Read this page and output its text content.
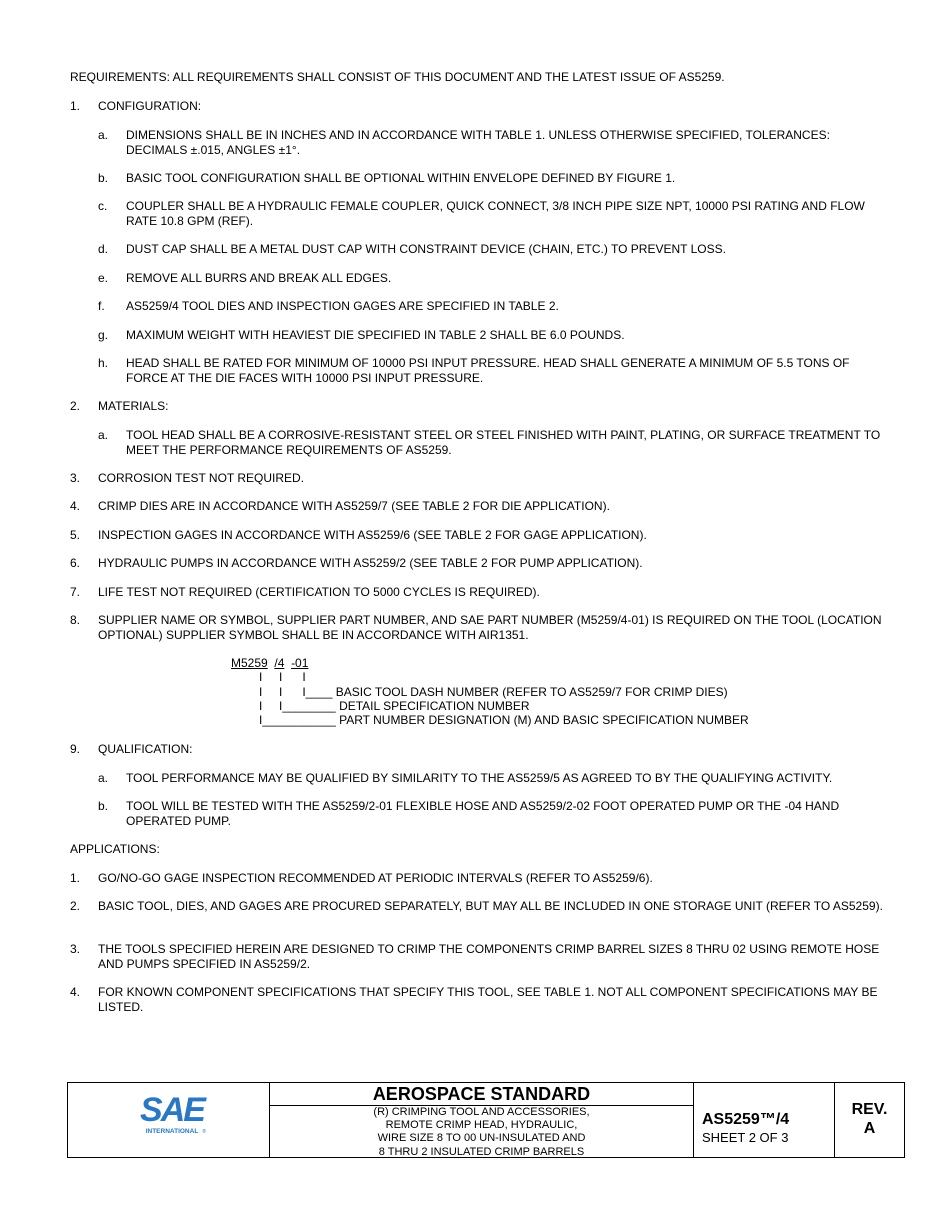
REQUIREMENTS: ALL REQUIREMENTS SHALL CONSIST OF THIS DOCUMENT AND THE LATEST ISSUE OF AS5259.
1.	CONFIGURATION:
a.	DIMENSIONS SHALL BE IN INCHES AND IN ACCORDANCE WITH TABLE 1. UNLESS OTHERWISE SPECIFIED, TOLERANCES: DECIMALS ±.015, ANGLES ±1°.
b.	BASIC TOOL CONFIGURATION SHALL BE OPTIONAL WITHIN ENVELOPE DEFINED BY FIGURE 1.
c.	COUPLER SHALL BE A HYDRAULIC FEMALE COUPLER, QUICK CONNECT, 3/8 INCH PIPE SIZE NPT, 10000 PSI RATING AND FLOW RATE 10.8 GPM (REF).
d.	DUST CAP SHALL BE A METAL DUST CAP WITH CONSTRAINT DEVICE (CHAIN, ETC.) TO PREVENT LOSS.
e.	REMOVE ALL BURRS AND BREAK ALL EDGES.
f.	AS5259/4 TOOL DIES AND INSPECTION GAGES ARE SPECIFIED IN TABLE 2.
g.	MAXIMUM WEIGHT WITH HEAVIEST DIE SPECIFIED IN TABLE 2 SHALL BE 6.0 POUNDS.
h.	HEAD SHALL BE RATED FOR MINIMUM OF 10000 PSI INPUT PRESSURE. HEAD SHALL GENERATE A MINIMUM OF 5.5 TONS OF FORCE AT THE DIE FACES WITH 10000 PSI INPUT PRESSURE.
2.	MATERIALS:
a.	TOOL HEAD SHALL BE A CORROSIVE-RESISTANT STEEL OR STEEL FINISHED WITH PAINT, PLATING, OR SURFACE TREATMENT TO MEET THE PERFORMANCE REQUIREMENTS OF AS5259.
3.	CORROSION TEST NOT REQUIRED.
4.	CRIMP DIES ARE IN ACCORDANCE WITH AS5259/7 (SEE TABLE 2 FOR DIE APPLICATION).
5.	INSPECTION GAGES IN ACCORDANCE WITH AS5259/6 (SEE TABLE 2 FOR GAGE APPLICATION).
6.	HYDRAULIC PUMPS IN ACCORDANCE WITH AS5259/2 (SEE TABLE 2 FOR PUMP APPLICATION).
7.	LIFE TEST NOT REQUIRED (CERTIFICATION TO 5000 CYCLES IS REQUIRED).
8.	SUPPLIER NAME OR SYMBOL, SUPPLIER PART NUMBER, AND SAE PART NUMBER (M5259/4-01) IS REQUIRED ON THE TOOL (LOCATION OPTIONAL) SUPPLIER SYMBOL SHALL BE IN ACCORDANCE WITH AIR1351.
M5259 /4 -01
I     I      I
I     I      I____ BASIC TOOL DASH NUMBER (REFER TO AS5259/7 FOR CRIMP DIES)
I     I________ DETAIL SPECIFICATION NUMBER
I___________ PART NUMBER DESIGNATION (M) AND BASIC SPECIFICATION NUMBER
9.	QUALIFICATION:
a.	TOOL PERFORMANCE MAY BE QUALIFIED BY SIMILARITY TO THE AS5259/5 AS AGREED TO BY THE QUALIFYING ACTIVITY.
b.	TOOL WILL BE TESTED WITH THE AS5259/2-01 FLEXIBLE HOSE AND AS5259/2-02 FOOT OPERATED PUMP OR THE -04 HAND OPERATED PUMP.
APPLICATIONS:
1.	GO/NO-GO GAGE INSPECTION RECOMMENDED AT PERIODIC INTERVALS (REFER TO AS5259/6).
2.	BASIC TOOL, DIES, AND GAGES ARE PROCURED SEPARATELY, BUT MAY ALL BE INCLUDED IN ONE STORAGE UNIT (REFER TO AS5259).
3.	THE TOOLS SPECIFIED HEREIN ARE DESIGNED TO CRIMP THE COMPONENTS CRIMP BARREL SIZES 8 THRU 02 USING REMOTE HOSE AND PUMPS SPECIFIED IN AS5259/2.
4.	FOR KNOWN COMPONENT SPECIFICATIONS THAT SPECIFY THIS TOOL, SEE TABLE 1. NOT ALL COMPONENT SPECIFICATIONS MAY BE LISTED.
SAE
INTERNATIONAL ®
AEROSPACE STANDARD
(R) CRIMPING TOOL AND ACCESSORIES,
REMOTE CRIMP HEAD, HYDRAULIC,
WIRE SIZE 8 TO 00 UN-INSULATED AND
8 THRU 2 INSULATED CRIMP BARRELS
AS5259™/4
SHEET 2 OF 3
REV.
A
